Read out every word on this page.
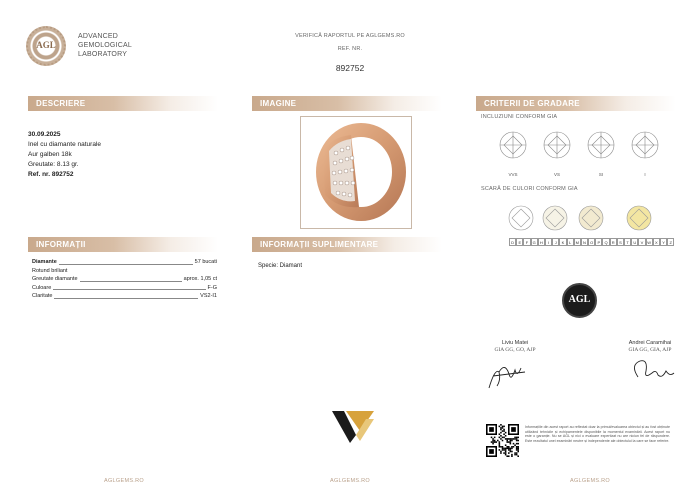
AGL
ADVANCED
GEMOLOGICAL
LABORATORY
VERIFICĂ RAPORTUL PE AGLGEMS.RO
REF. NR.
892752
DESCRIERE	IMAGINE	CRITERII DE GRADARE
INFORMAȚII	INFORMAȚII SUPLIMENTARE
30.09.2025
Inel cu diamante naturale
Aur galben 18k
Greutate: 8.13 gr.
Ref. nr. 892752
Diamante	57 bucati
Rotund briliant
Greutate diamante	aprox. 1,05 ct
Culoare	F-G
Claritate	VS2-I1
Specie: Diamant
INCLUZIUNI CONFORM GIA
VVS	VS	SI	I
SCARĂ DE CULORI CONFORM GIA
D	E	F	G	H	I	J	K	L	M	N	O	P	Q	R	S	T	U	V W X	Y	Z
AGL
Liviu Matei
GIA GG, GO, AJP
Andrei Caramihai
GIA GG, GIA, AJP
Informațiile din acest raport au reflectat doar la primul/evaluarea obiectul și au fost obținute utilizând tehnicile și echipamentele disponibile la momentul examinării. Acest raport nu este o garanție. Nu se AGL și nici o evaluare expertizat nu are niciun fel de răspundere. Este rezultatul unei examinări neutre și independente ale obiectului la care se face referire.
AGLGEMS.RO	AGLGEMS.RO	AGLGEMS.RO
